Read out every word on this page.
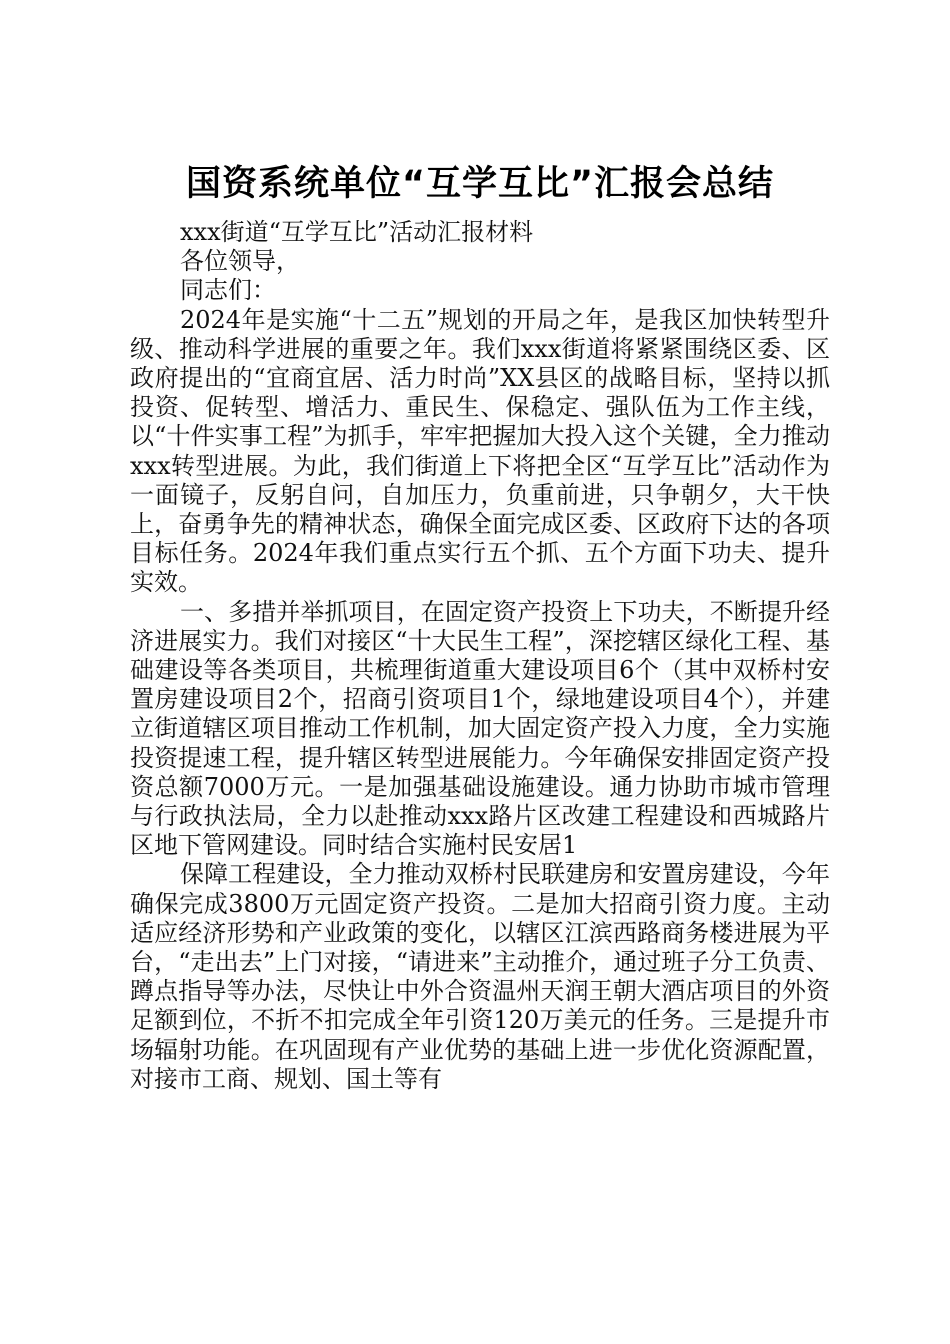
国资系统单位“互学互比”汇报会总结

xxx街道“互学互比”活动汇报材料

各位领导，

同志们：

2024年是实施“十二五”规划的开局之年，是我区加快转型升级、推动科学进展的重要之年。我们xxx街道将紧紧围绕区委、区政府提出的“宜商宜居、活力时尚”XX县区的战略目标，坚持以抓投资、促转型、增活力、重民生、保稳定、强队伍为工作主线，以“十件实事工程”为抓手，牢牢把握加大投入这个关键，全力推动xxx转型进展。为此，我们街道上下将把全区“互学互比”活动作为一面镜子，反躬自问，自加压力，负重前进，只争朝夕，大干快上，奋勇争先的精神状态，确保全面完成区委、区政府下达的各项目标任务。2024年我们重点实行五个抓、五个方面下功夫、提升实效。

一、多措并举抓项目，在固定资产投资上下功夫，不断提升经济进展实力。我们对接区“十大民生工程”，深挖辖区绿化工程、基础建设等各类项目，共梳理街道重大建设项目6个（其中双桥村安置房建设项目2个，招商引资项目1个，绿地建设项目4个），并建立街道辖区项目推动工作机制，加大固定资产投入力度，全力实施投资提速工程，提升辖区转型进展能力。今年确保安排固定资产投资总额7000万元。一是加强基础设施建设。通力协助市城市管理与行政执法局，全力以赴推动xxx路片区改建工程建设和西城路片区地下管网建设。同时结合实施村民安居1

保障工程建设，全力推动双桥村民联建房和安置房建设，今年确保完成3800万元固定资产投资。二是加大招商引资力度。主动适应经济形势和产业政策的变化，以辖区江滨西路商务楼进展为平台，“走出去”上门对接，“请进来”主动推介，通过班子分工负责、蹲点指导等办法，尽快让中外合资温州天润王朝大酒店项目的外资足额到位，不折不扣完成全年引资120万美元的任务。三是提升市场辐射功能。在巩固现有产业优势的基础上进一步优化资源配置，对接市工商、规划、国土等有
